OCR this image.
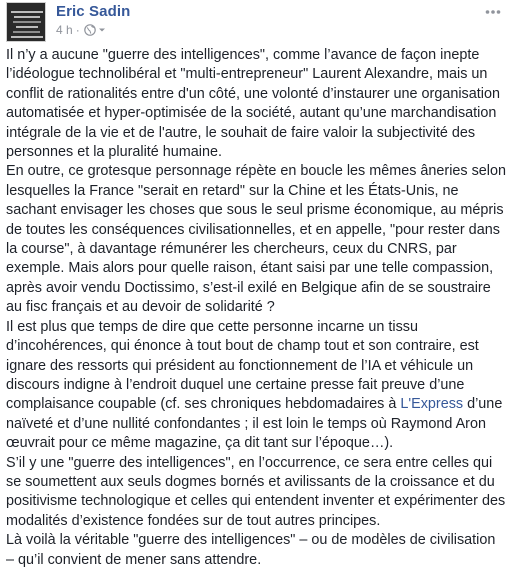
Eric Sadin
4 h ·

Il n’y a aucune "guerre des intelligences", comme l’avance de façon inepte l’idéologue technolibéral et "multi-entrepreneur" Laurent Alexandre, mais un conflit de rationalités entre d'un côté, une volonté d’instaurer une organisation automatisée et hyper-optimisée de la société, autant qu’une marchandisation intégrale de la vie et de l'autre, le souhait de faire valoir la subjectivité des personnes et la pluralité humaine.

En outre, ce grotesque personnage répète en boucle les mêmes âneries selon lesquelles la France "serait en retard" sur la Chine et les États-Unis, ne sachant envisager les choses que sous le seul prisme économique, au mépris de toutes les conséquences civilisationnelles, et en appelle, "pour rester dans la course", à davantage rémunérer les chercheurs, ceux du CNRS, par exemple. Mais alors pour quelle raison, étant saisi par une telle compassion, après avoir vendu Doctissimo, s’est-il exilé en Belgique afin de se soustraire au fisc français et au devoir de solidarité ?

Il est plus que temps de dire que cette personne incarne un tissu d’incohérences, qui énonce à tout bout de champ tout et son contraire, est ignare des ressorts qui président au fonctionnement de l’IA et véhicule un discours indigne à l’endroit duquel une certaine presse fait preuve d’une complaisance coupable (cf. ses chroniques hebdomadaires à L'Express d’une naïveté et d’une nullité confondantes ; il est loin le temps où Raymond Aron œuvrait pour ce même magazine, ça dit tant sur l’époque…).

S’il y une "guerre des intelligences", en l’occurrence, ce sera entre celles qui se soumettent aux seuls dogmes bornés et avilissants de la croissance et du positivisme technologique et celles qui entendent inventer et expérimenter des modalités d’existence fondées sur de tout autres principes.

Là voilà la véritable "guerre des intelligences" – ou de modèles de civilisation – qu’il convient de mener sans attendre.
